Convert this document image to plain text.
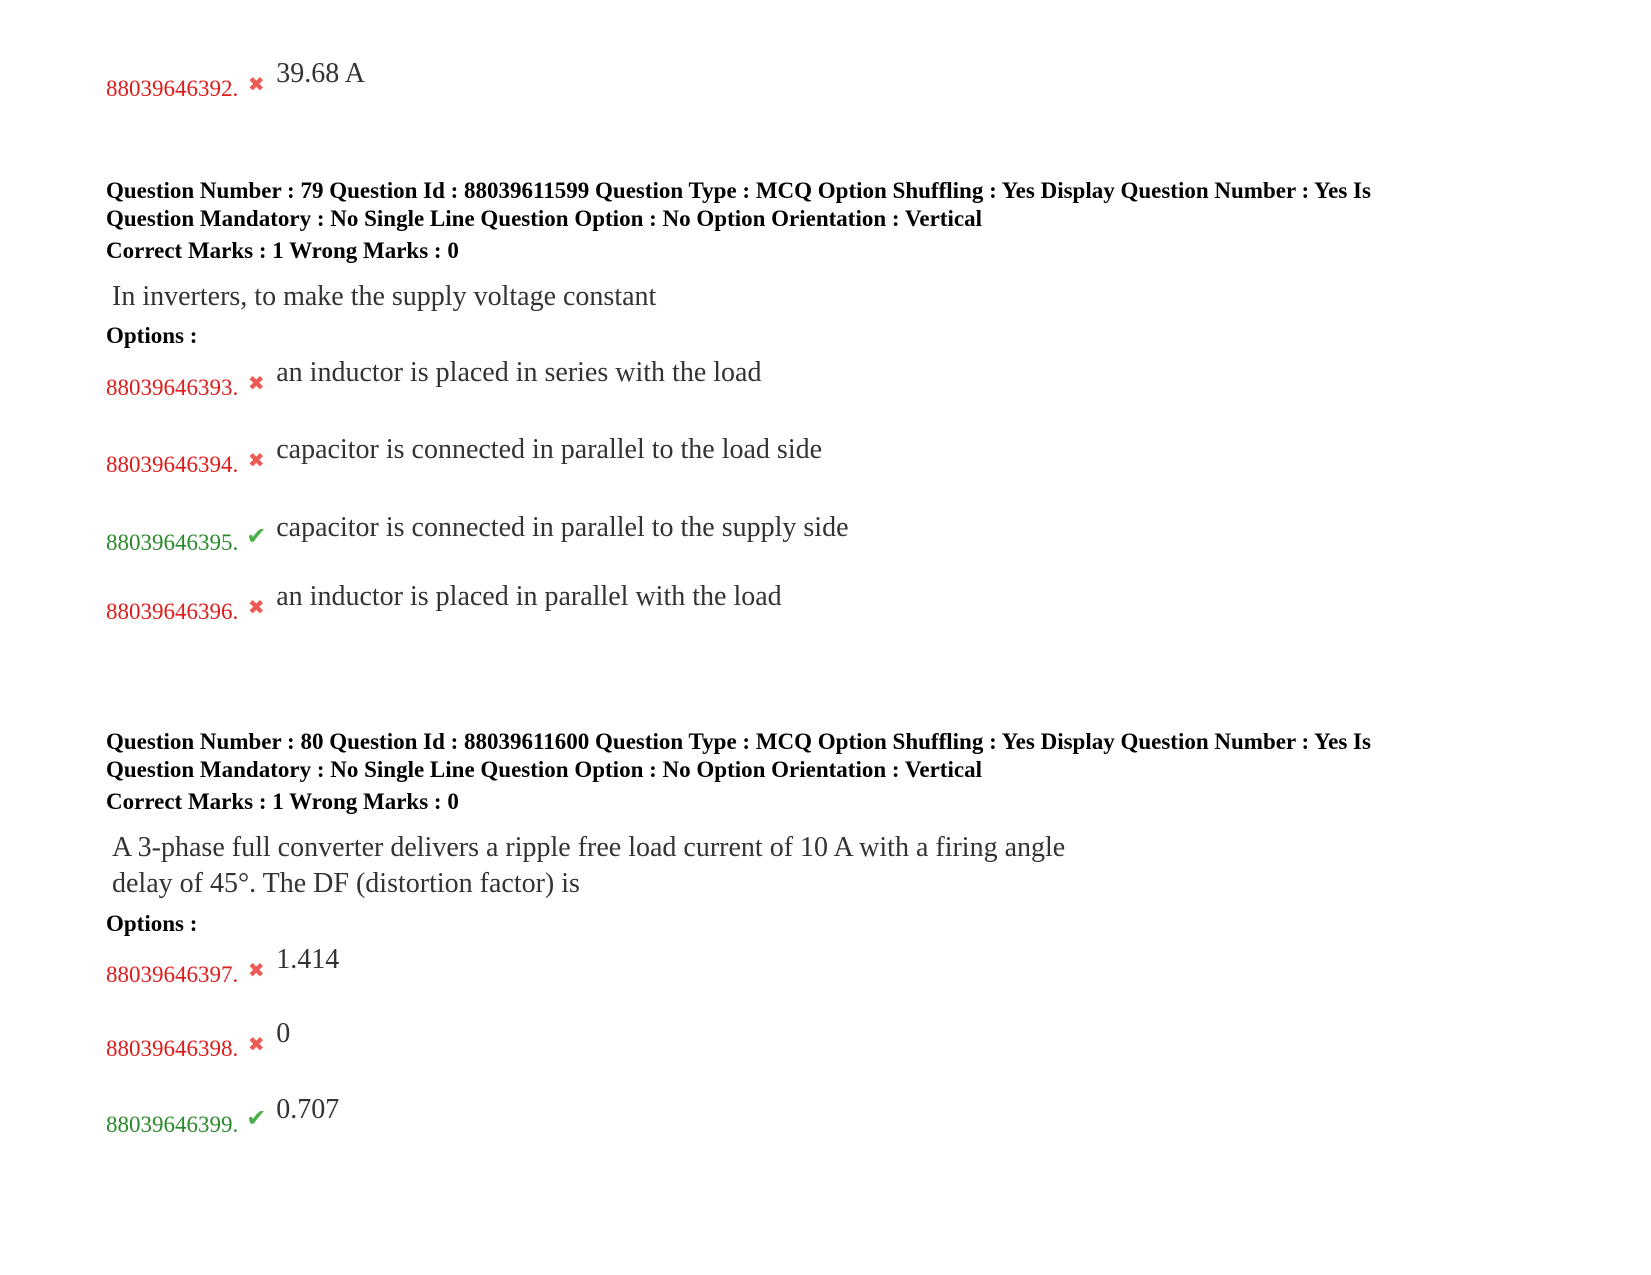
88039646392. ✖ 39.68 A
Question Number : 79 Question Id : 88039611599 Question Type : MCQ Option Shuffling : Yes Display Question Number : Yes Is
Question Mandatory : No Single Line Question Option : No Option Orientation : Vertical
Correct Marks : 1 Wrong Marks : 0
In inverters, to make the supply voltage constant
Options :
88039646393. ✖ an inductor is placed in series with the load
88039646394. ✖ capacitor is connected in parallel to the load side
88039646395. ✔ capacitor is connected in parallel to the supply side
88039646396. ✖ an inductor is placed in parallel with the load
Question Number : 80 Question Id : 88039611600 Question Type : MCQ Option Shuffling : Yes Display Question Number : Yes Is
Question Mandatory : No Single Line Question Option : No Option Orientation : Vertical
Correct Marks : 1 Wrong Marks : 0
A 3-phase full converter delivers a ripple free load current of 10 A with a firing angle
delay of 45°. The DF (distortion factor) is
Options :
88039646397. ✖ 1.414
88039646398. ✖ 0
88039646399. ✔ 0.707
